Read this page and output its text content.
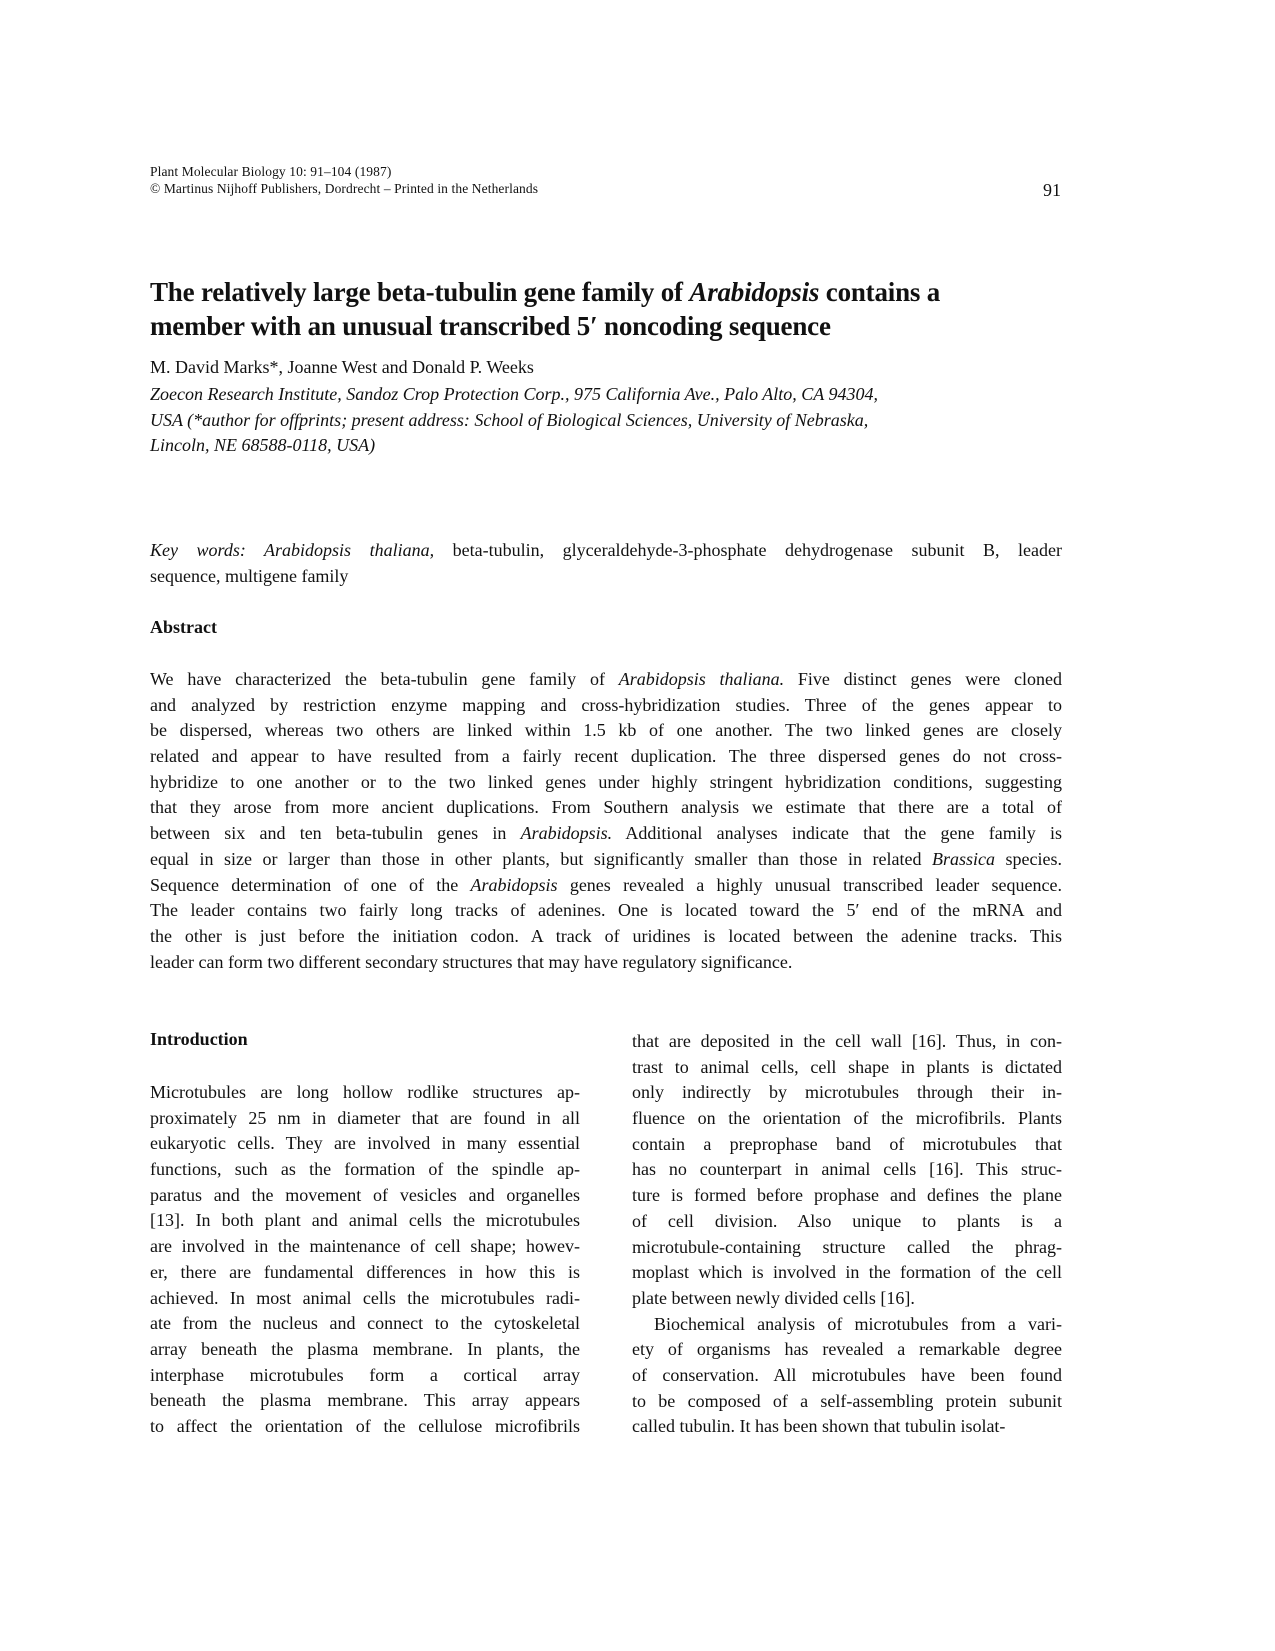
Plant Molecular Biology 10: 91–104 (1987)
© Martinus Nijhoff Publishers, Dordrecht – Printed in the Netherlands	91
The relatively large beta-tubulin gene family of Arabidopsis contains a
member with an unusual transcribed 5′ noncoding sequence
M. David Marks*, Joanne West and Donald P. Weeks
Zoecon Research Institute, Sandoz Crop Protection Corp., 975 California Ave., Palo Alto, CA 94304,
USA (*author for offprints; present address: School of Biological Sciences, University of Nebraska,
Lincoln, NE 68588-0118, USA)
Key words: Arabidopsis thaliana, beta-tubulin, glyceraldehyde-3-phosphate dehydrogenase subunit B, leader
sequence, multigene family
Abstract
We have characterized the beta-tubulin gene family of Arabidopsis thaliana. Five distinct genes were cloned
and analyzed by restriction enzyme mapping and cross-hybridization studies. Three of the genes appear to
be dispersed, whereas two others are linked within 1.5 kb of one another. The two linked genes are closely
related and appear to have resulted from a fairly recent duplication. The three dispersed genes do not cross-
hybridize to one another or to the two linked genes under highly stringent hybridization conditions, suggesting
that they arose from more ancient duplications. From Southern analysis we estimate that there are a total of
between six and ten beta-tubulin genes in Arabidopsis. Additional analyses indicate that the gene family is
equal in size or larger than those in other plants, but significantly smaller than those in related Brassica species.
Sequence determination of one of the Arabidopsis genes revealed a highly unusual transcribed leader sequence.
The leader contains two fairly long tracks of adenines. One is located toward the 5′ end of the mRNA and
the other is just before the initiation codon. A track of uridines is located between the adenine tracks. This
leader can form two different secondary structures that may have regulatory significance.
Introduction
Microtubules are long hollow rodlike structures ap-
proximately 25 nm in diameter that are found in all
eukaryotic cells. They are involved in many essential
functions, such as the formation of the spindle ap-
paratus and the movement of vesicles and organelles
[13]. In both plant and animal cells the microtubules
are involved in the maintenance of cell shape; howev-
er, there are fundamental differences in how this is
achieved. In most animal cells the microtubules radi-
ate from the nucleus and connect to the cytoskeletal
array beneath the plasma membrane. In plants, the
interphase microtubules form a cortical array
beneath the plasma membrane. This array appears
to affect the orientation of the cellulose microfibrils
that are deposited in the cell wall [16]. Thus, in con-
trast to animal cells, cell shape in plants is dictated
only indirectly by microtubules through their in-
fluence on the orientation of the microfibrils. Plants
contain a preprophase band of microtubules that
has no counterpart in animal cells [16]. This struc-
ture is formed before prophase and defines the plane
of cell division. Also unique to plants is a
microtubule-containing structure called the phrag-
moplast which is involved in the formation of the cell
plate between newly divided cells [16].
Biochemical analysis of microtubules from a vari-
ety of organisms has revealed a remarkable degree
of conservation. All microtubules have been found
to be composed of a self-assembling protein subunit
called tubulin. It has been shown that tubulin isolat-
